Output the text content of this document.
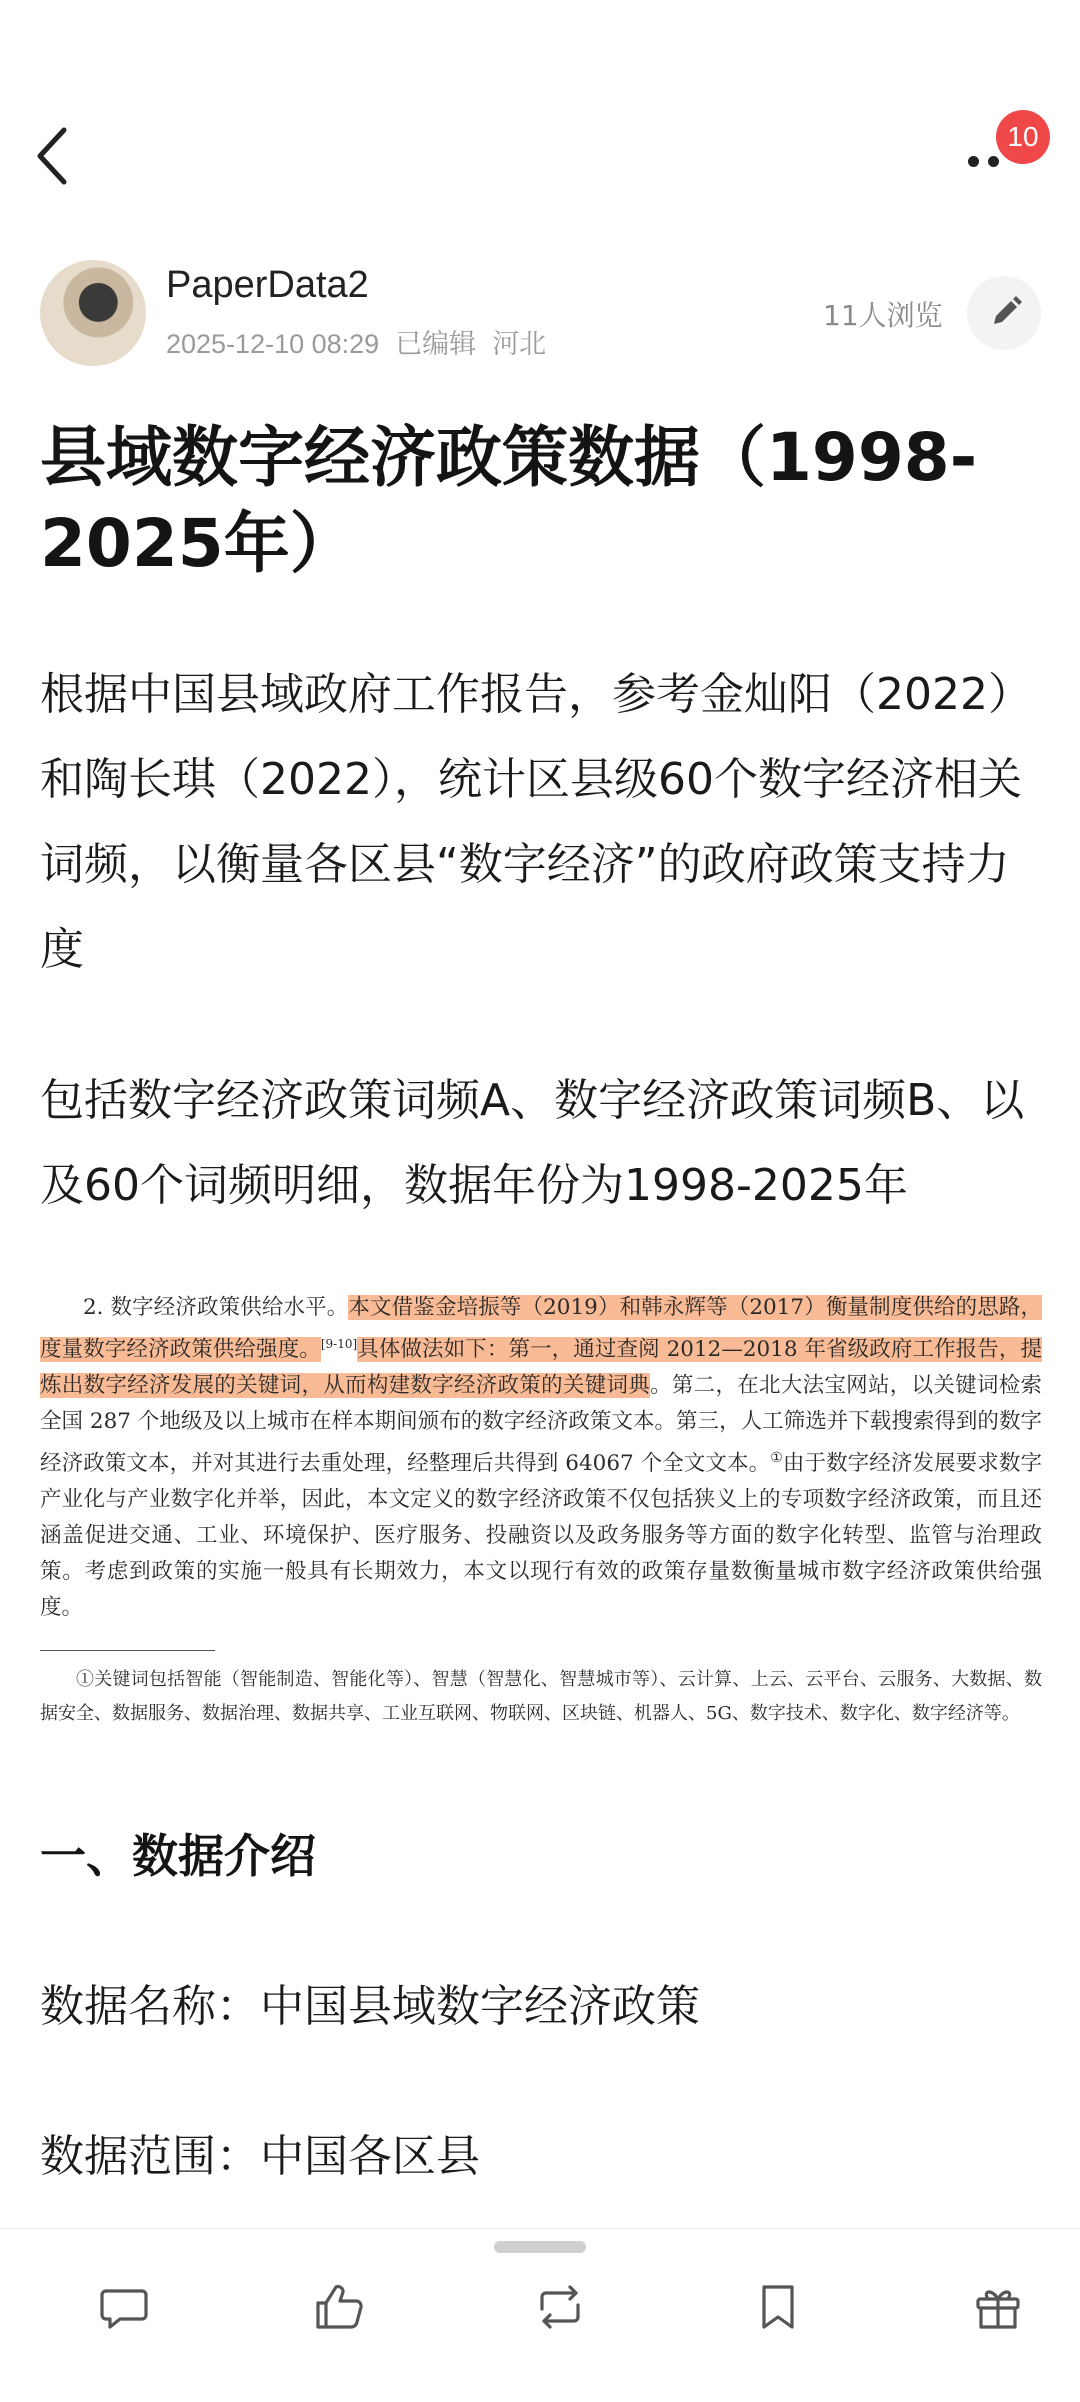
10
PaperData2
2025-12-10 08:29 已编辑 河北
11人浏览
县域数字经济政策数据（1998-2025年）
根据中国县域政府工作报告，参考金灿阳（2022）和陶长琪（2022），统计区县级60个数字经济相关词频，以衡量各区县“数字经济”的政府政策支持力度
包括数字经济政策词频A、数字经济政策词频B、以及60个词频明细，数据年份为1998-2025年

2. 数字经济政策供给水平。本文借鉴金培振等（2019）和韩永辉等（2017）衡量制度供给的思路，度量数字经济政策供给强度。[9-10]具体做法如下：第一，通过查阅 2012—2018 年省级政府工作报告，提炼出数字经济发展的关键词，从而构建数字经济政策的关键词典。第二，在北大法宝网站，以关键词检索全国 287 个地级及以上城市在样本期间颁布的数字经济政策文本。第三，人工筛选并下载搜索得到的数字经济政策文本，并对其进行去重处理，经整理后共得到 64067 个全文文本。①由于数字经济发展要求数字产业化与产业数字化并举，因此，本文定义的数字经济政策不仅包括狭义上的专项数字经济政策，而且还涵盖促进交通、工业、环境保护、医疗服务、投融资以及政务服务等方面的数字化转型、监管与治理政策。考虑到政策的实施一般具有长期效力，本文以现行有效的政策存量数衡量城市数字经济政策供给强度。

①关键词包括智能（智能制造、智能化等）、智慧（智慧化、智慧城市等）、云计算、上云、云平台、云服务、大数据、数据安全、数据服务、数据治理、数据共享、工业互联网、物联网、区块链、机器人、5G、数字技术、数字化、数字经济等。

一、数据介绍
数据名称：中国县域数字经济政策
数据范围：中国各区县
